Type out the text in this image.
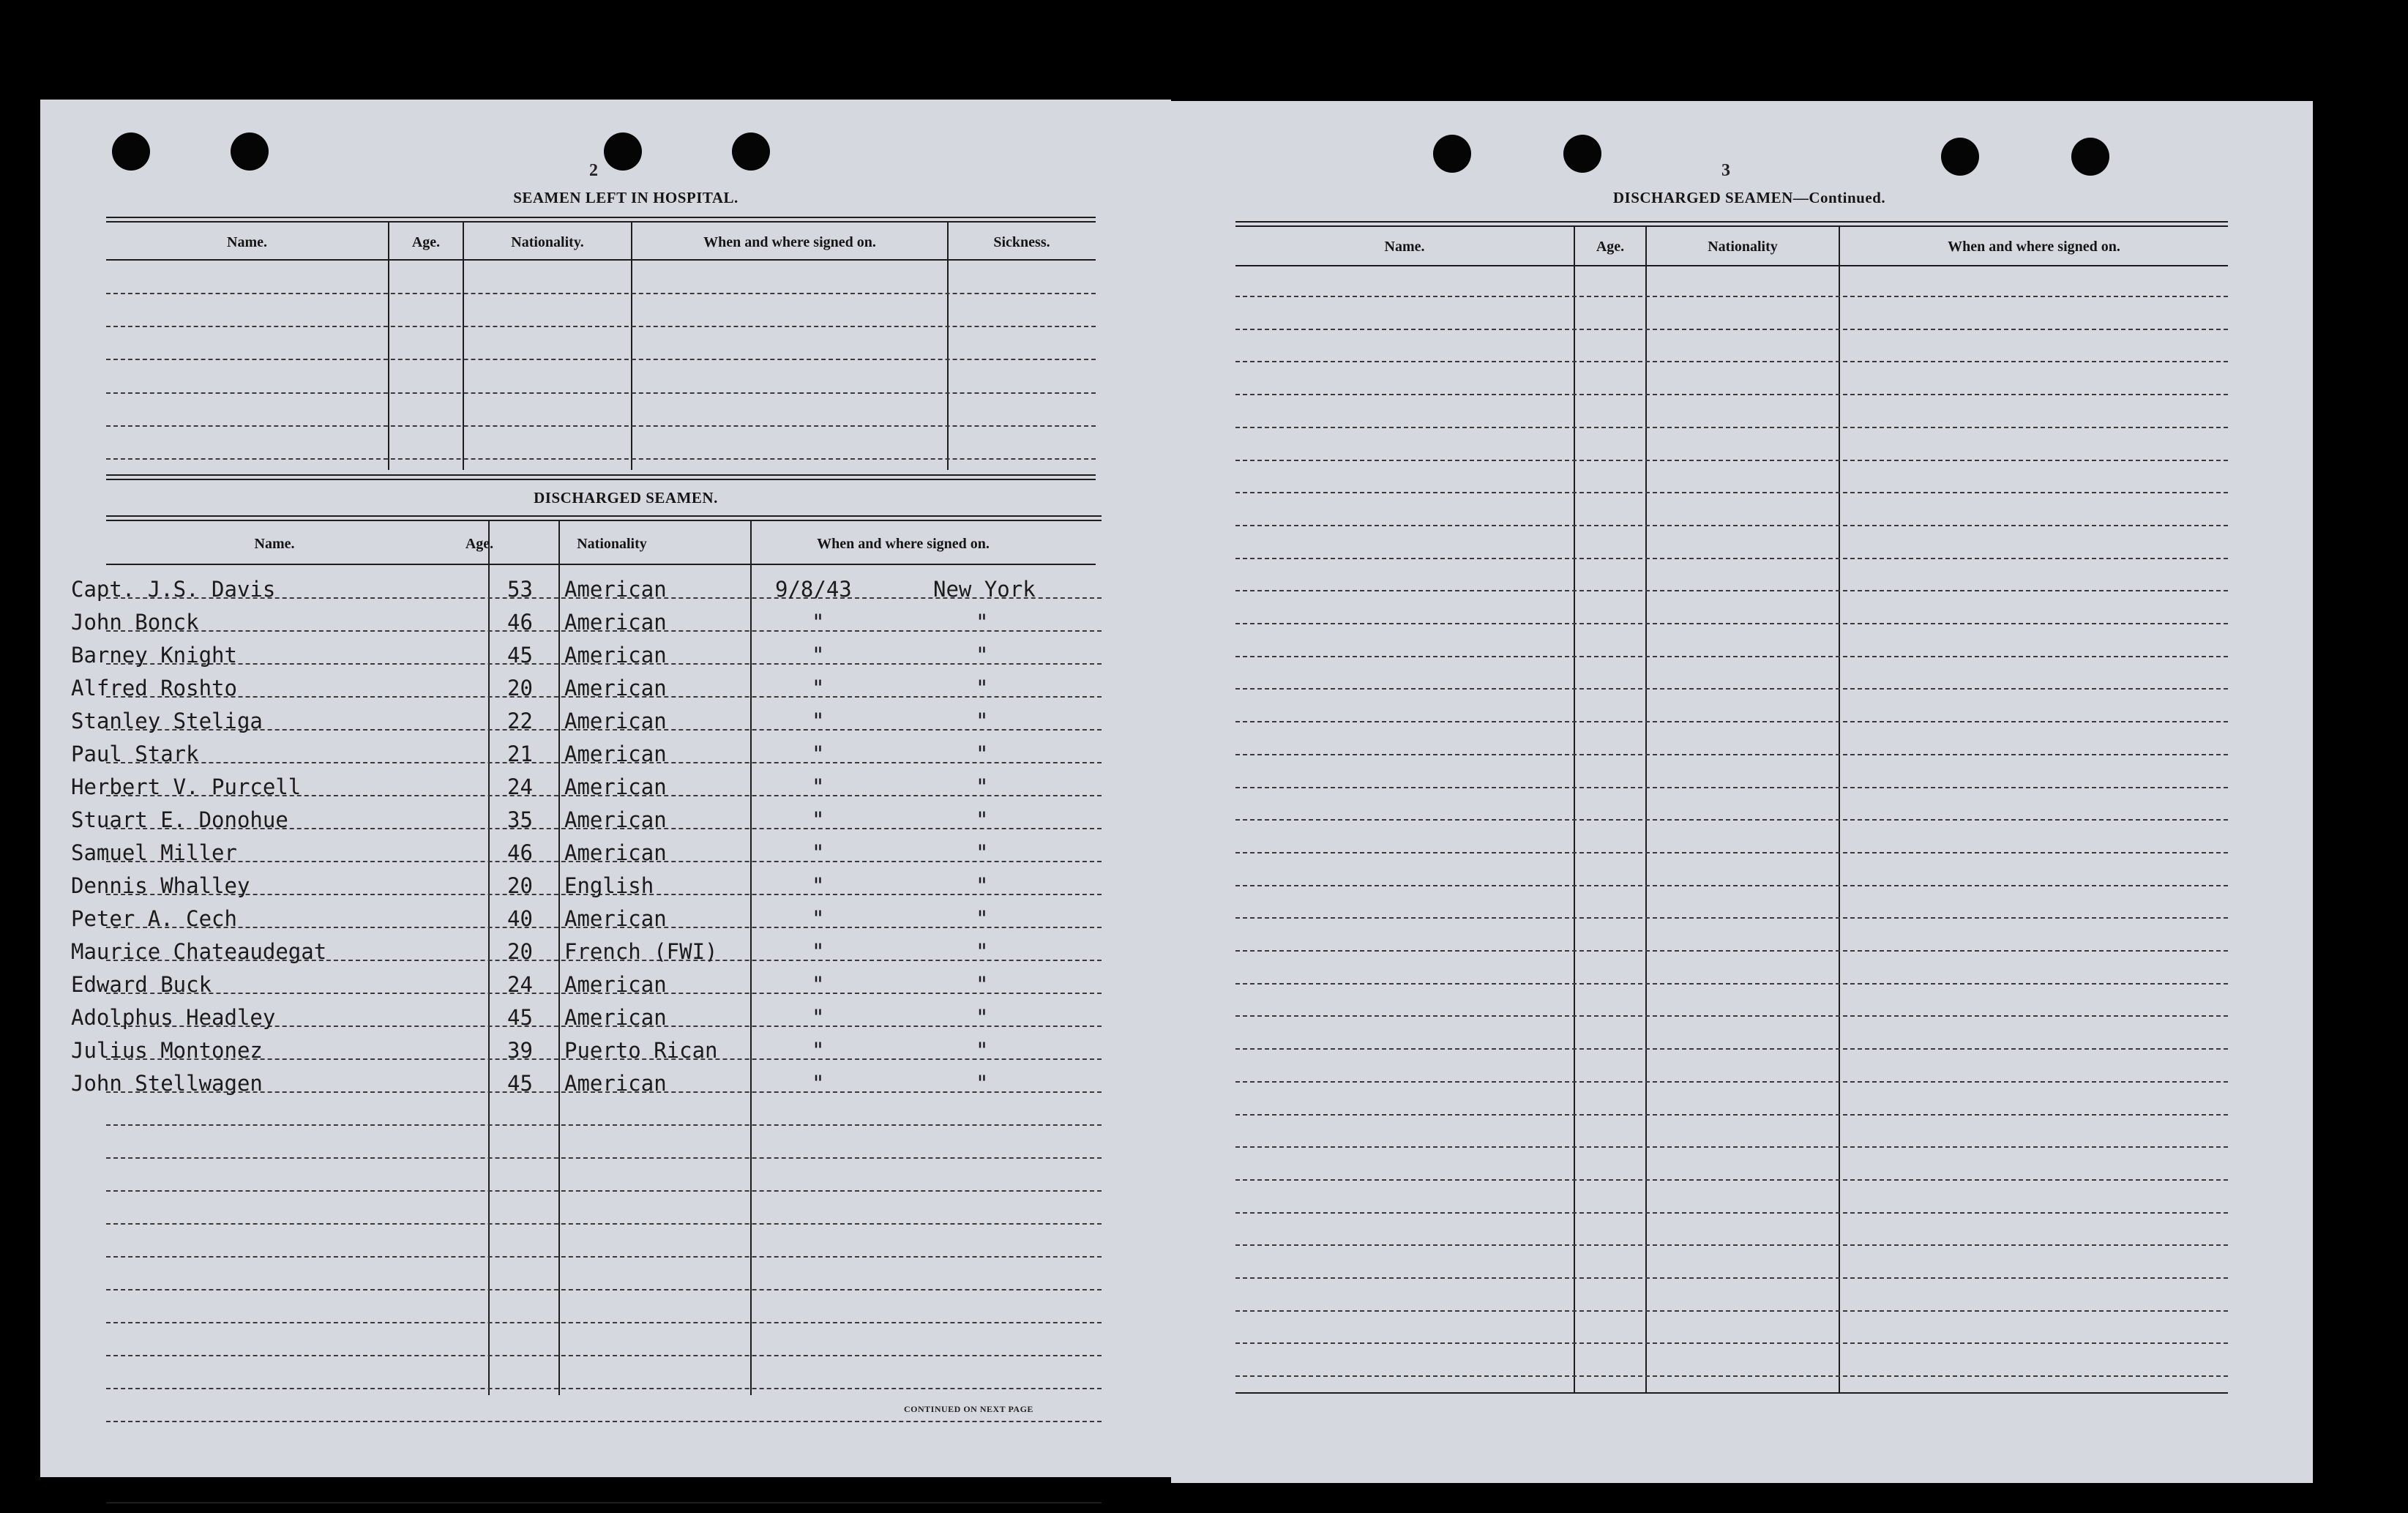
2
SEAMEN LEFT IN HOSPITAL.
Name.	Age.	Nationality.	When and where signed on.	Sickness.
DISCHARGED SEAMEN.
Name.	Age.	Nationality	When and where signed on.
Capt. J.S. Davis	53 American	9/8/43	New York
John Bonck	46 American	"	"
Barney Knight	45 American	"	"
Alfred Roshto	20 American	"	"
Stanley Steliga	22 American	"	"
Paul Stark	21 American	"	"
Herbert V. Purcell	24 American	"	"
Stuart E. Donohue	35 American	"	"
Samuel Miller	46 American	"	"
Dennis Whalley	20 English	"	"
Peter A. Cech	40 American	"	"
Maurice Chateaudegat	20 French (FWI)	"	"
Edward Buck	24 American	"	"
Adolphus Headley	45 American	"	"
Julius Montonez	39 Puerto Rican	"	"
John Stellwagen	45 American	"	"
CONTINUED ON NEXT PAGE
3
DISCHARGED SEAMEN—Continued.
Name.	Age.	Nationality	When and where signed on.
